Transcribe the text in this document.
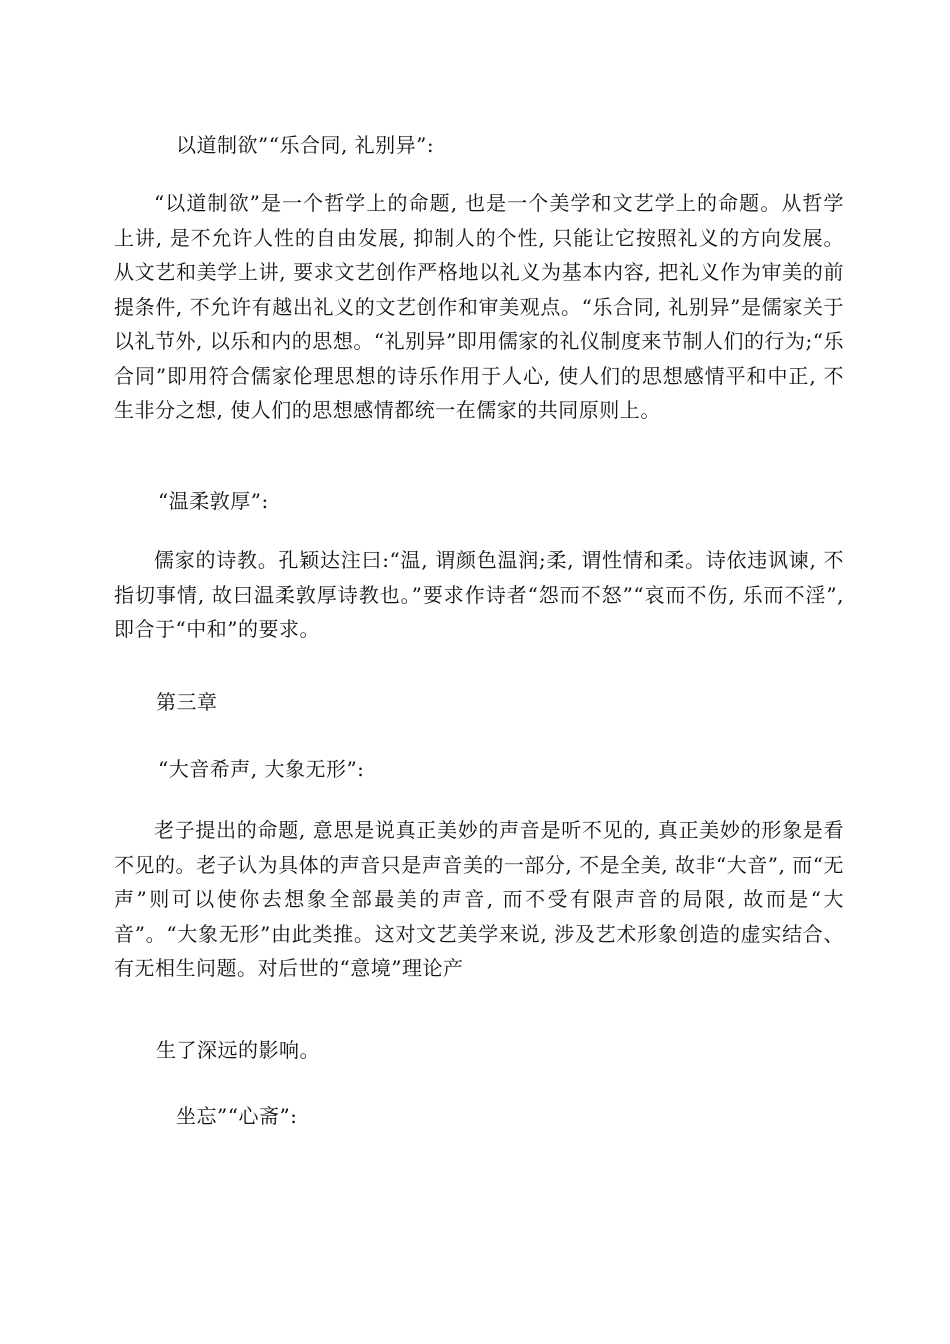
以道制欲”“乐合同, 礼别异”:

“以道制欲”是一个哲学上的命题, 也是一个美学和文艺学上的命题。从哲学上讲, 是不允许人性的自由发展, 抑制人的个性, 只能让它按照礼义的方向发展。从文艺和美学上讲, 要求文艺创作严格地以礼义为基本内容, 把礼义作为审美的前提条件, 不允许有越出礼义的文艺创作和审美观点。“乐合同, 礼别异”是儒家关于以礼节外, 以乐和内的思想。“礼别异”即用儒家的礼仪制度来节制人们的行为;“乐合同”即用符合儒家伦理思想的诗乐作用于人心, 使人们的思想感情平和中正, 不生非分之想, 使人们的思想感情都统一在儒家的共同原则上。

“温柔敦厚”:

儒家的诗教。孔颖达注曰:“温, 谓颜色温润;柔, 谓性情和柔。诗依违讽谏, 不指切事情, 故曰温柔敦厚诗教也。”要求作诗者“怨而不怒”“哀而不伤, 乐而不淫”, 即合于“中和”的要求。

第三章
“大音希声, 大象无形”:

老子提出的命题, 意思是说真正美妙的声音是听不见的, 真正美妙的形象是看不见的。老子认为具体的声音只是声音美的一部分, 不是全美, 故非“大音”, 而“无声”则可以使你去想象全部最美的声音, 而不受有限声音的局限, 故而是“大音”。“大象无形”由此类推。这对文艺美学来说, 涉及艺术形象创造的虚实结合、有无相生问题。对后世的“意境”理论产

生了深远的影响。
坐忘”“心斋”:
